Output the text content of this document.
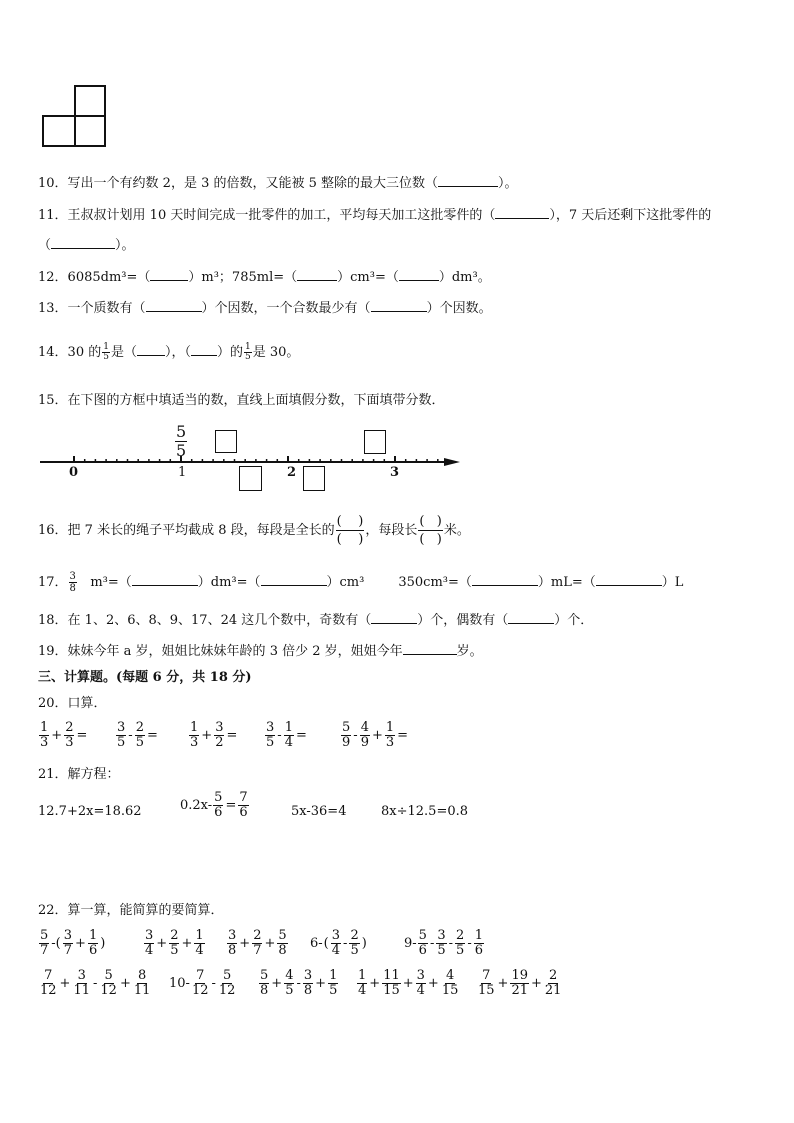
10．写出一个有约数 2，是 3 的倍数，又能被 5 整除的最大三位数（	）。
11．王叔叔计划用 10 天时间完成一批零件的加工，平均每天加工这批零件的（	），7 天后还剩下这批零件的
（	）。
12．6085dm³=（	）m³；785ml=（	）cm³=（	）dm³。
13．一个质数有（	）个因数，一个合数最少有（	）个因数。
14．30 的 $\frac{1}{5}$ 是（ ），（ ）的 $\frac{1}{5}$ 是 30。
15．在下图的方框中填适当的数，直线上面填假分数，下面填带分数．
0	1	2	3
$\frac{5}{5}$
16．把 7 米长的绳子平均截成 8 段，每段是全长的 $\frac{( )}{( )}$ ，每段长 $\frac{( )}{( )}$ 米。
17． $\frac{3}{8} m^3=$（	）dm³=（	）cm³	350cm³=（	）mL=（	）L
18．在 1、2、6、8、9、17、24 这几个数中，奇数有（	）个，偶数有（	）个．
19．妹妹今年 a 岁，姐姐比妹妹年龄的 3 倍少 2 岁，姐姐今年	岁。
三、计算题。(每题 6 分，共 18 分)
20．口算．
$\frac{1}{3} + \frac{2}{3} = \frac{3}{5} - \frac{2}{5} = \frac{1}{3} + \frac{3}{2} = \frac{3}{5} - \frac{1}{4}$ =	$\frac{5}{9} - \frac{4}{9} + \frac{1}{3}$ =
21．解方程：
12.7+2x=18.62	$0.2x- \frac{5}{6} = \frac{7}{6}$	5x-36=4	8x÷12.5=0.8
22．算一算，能简算的要简算．
$\frac{5}{7}$ -( $\frac{3}{7} + \frac{1}{6}$ )	$\frac{3}{4} + \frac{2}{5} + \frac{1}{4} \frac{3}{8} + \frac{2}{7} + \frac{5}{8} 6-$ ( $\frac{3}{4} - \frac{2}{5}$ )	$9- \frac{5}{6} - \frac{3}{5} - \frac{2}{5} - \frac{1}{6}$
$\frac{7}{12} + \frac{3}{11} - \frac{5}{12} + \frac{8}{11} 10- \frac{7}{12} - \frac{5}{12} \frac{5}{8} + \frac{4}{5} - \frac{3}{8} + \frac{1}{5} \frac{1}{4} + \frac{11}{15} + \frac{3}{4} + \frac{4}{15} \frac{7}{15} + \frac{19}{21} + \frac{2}{21}$
